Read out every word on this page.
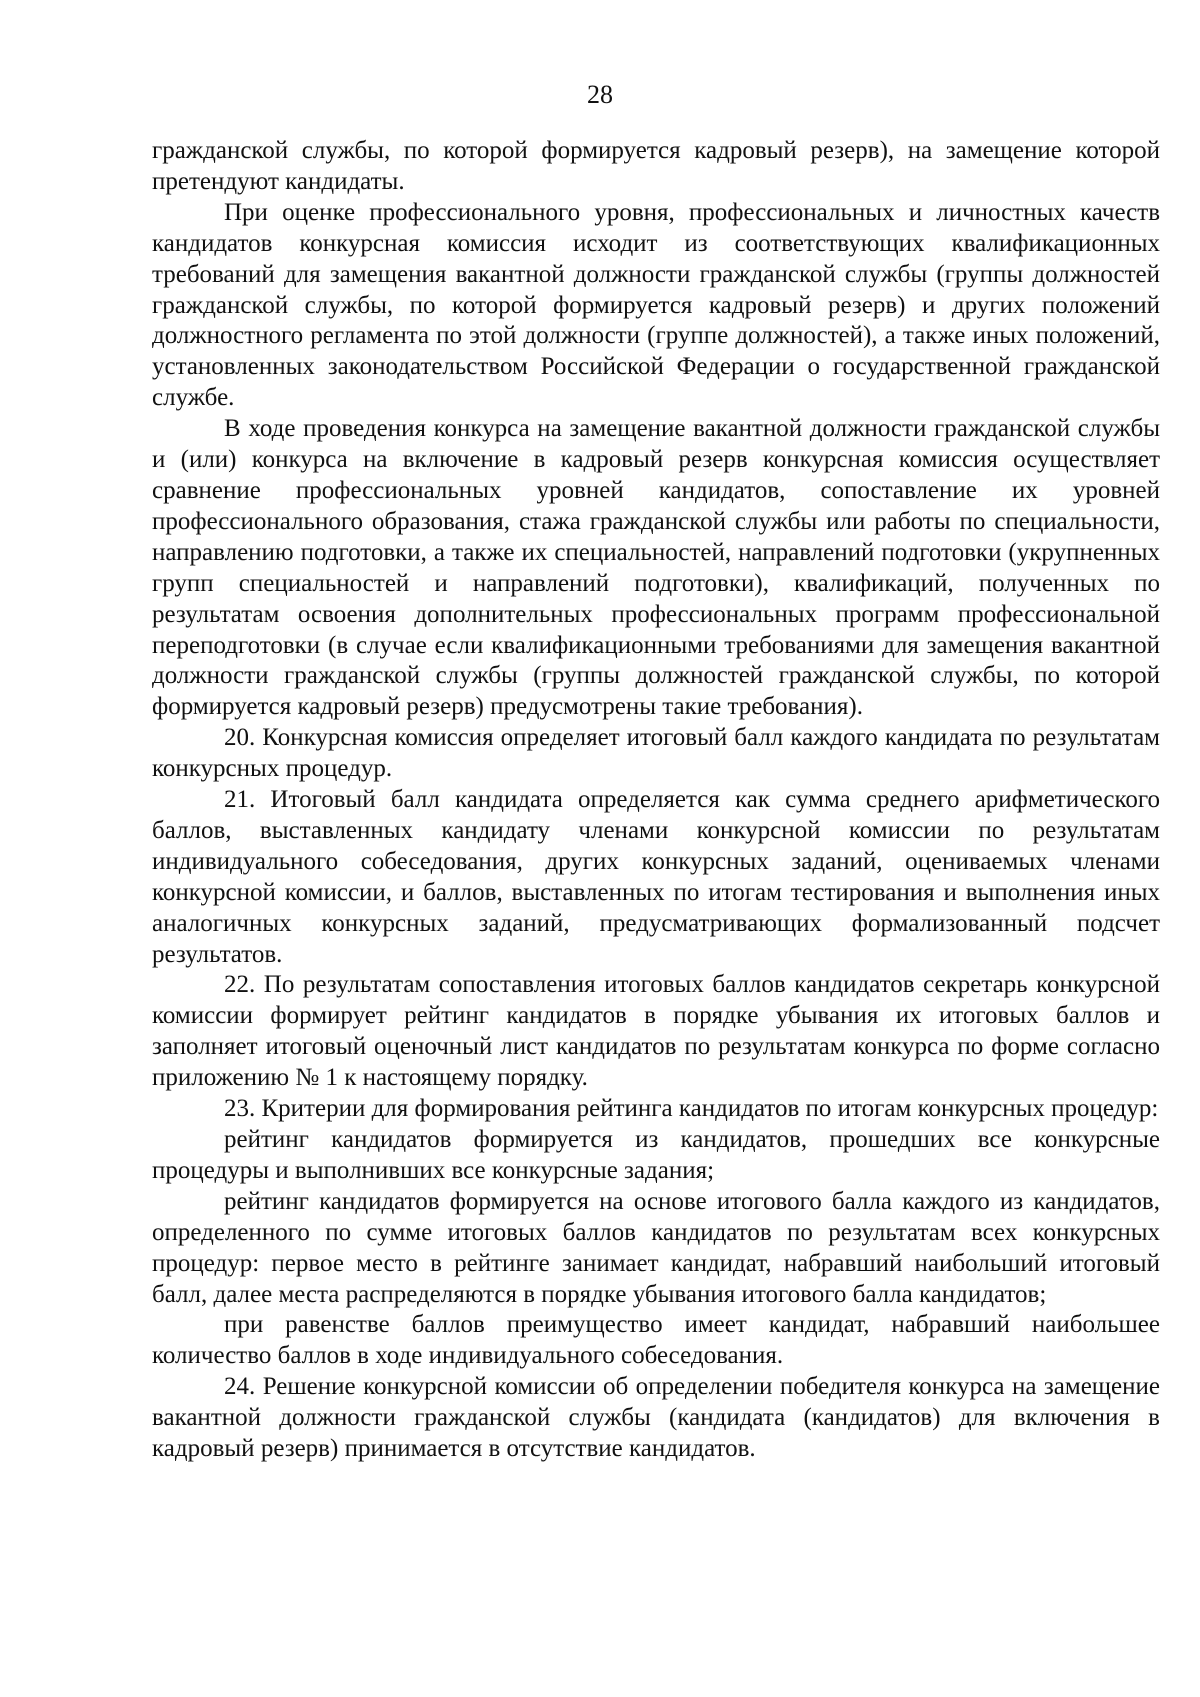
28

гражданской службы, по которой формируется кадровый резерв), на замещение которой претендуют кандидаты.

При оценке профессионального уровня, профессиональных и личностных качеств кандидатов конкурсная комиссия исходит из соответствующих квалификационных требований для замещения вакантной должности гражданской службы (группы должностей гражданской службы, по которой формируется кадровый резерв) и других положений должностного регламента по этой должности (группе должностей), а также иных положений, установленных законодательством Российской Федерации о государственной гражданской службе.

В ходе проведения конкурса на замещение вакантной должности гражданской службы и (или) конкурса на включение в кадровый резерв конкурсная комиссия осуществляет сравнение профессиональных уровней кандидатов, сопоставление их уровней профессионального образования, стажа гражданской службы или работы по специальности, направлению подготовки, а также их специальностей, направлений подготовки (укрупненных групп специальностей и направлений подготовки), квалификаций, полученных по результатам освоения дополнительных профессиональных программ профессиональной переподготовки (в случае если квалификационными требованиями для замещения вакантной должности гражданской службы (группы должностей гражданской службы, по которой формируется кадровый резерв) предусмотрены такие требования).

20. Конкурсная комиссия определяет итоговый балл каждого кандидата по результатам конкурсных процедур.

21. Итоговый балл кандидата определяется как сумма среднего арифметического баллов, выставленных кандидату членами конкурсной комиссии по результатам индивидуального собеседования, других конкурсных заданий, оцениваемых членами конкурсной комиссии, и баллов, выставленных по итогам тестирования и выполнения иных аналогичных конкурсных заданий, предусматривающих формализованный подсчет результатов.

22. По результатам сопоставления итоговых баллов кандидатов секретарь конкурсной комиссии формирует рейтинг кандидатов в порядке убывания их итоговых баллов и заполняет итоговый оценочный лист кандидатов по результатам конкурса по форме согласно приложению № 1 к настоящему порядку.

23. Критерии для формирования рейтинга кандидатов по итогам конкурсных процедур:

рейтинг кандидатов формируется из кандидатов, прошедших все конкурсные процедуры и выполнивших все конкурсные задания;

рейтинг кандидатов формируется на основе итогового балла каждого из кандидатов, определенного по сумме итоговых баллов кандидатов по результатам всех конкурсных процедур: первое место в рейтинге занимает кандидат, набравший наибольший итоговый балл, далее места распределяются в порядке убывания итогового балла кандидатов;

при равенстве баллов преимущество имеет кандидат, набравший наибольшее количество баллов в ходе индивидуального собеседования.

24. Решение конкурсной комиссии об определении победителя конкурса на замещение вакантной должности гражданской службы (кандидата (кандидатов) для включения в кадровый резерв) принимается в отсутствие кандидатов.
